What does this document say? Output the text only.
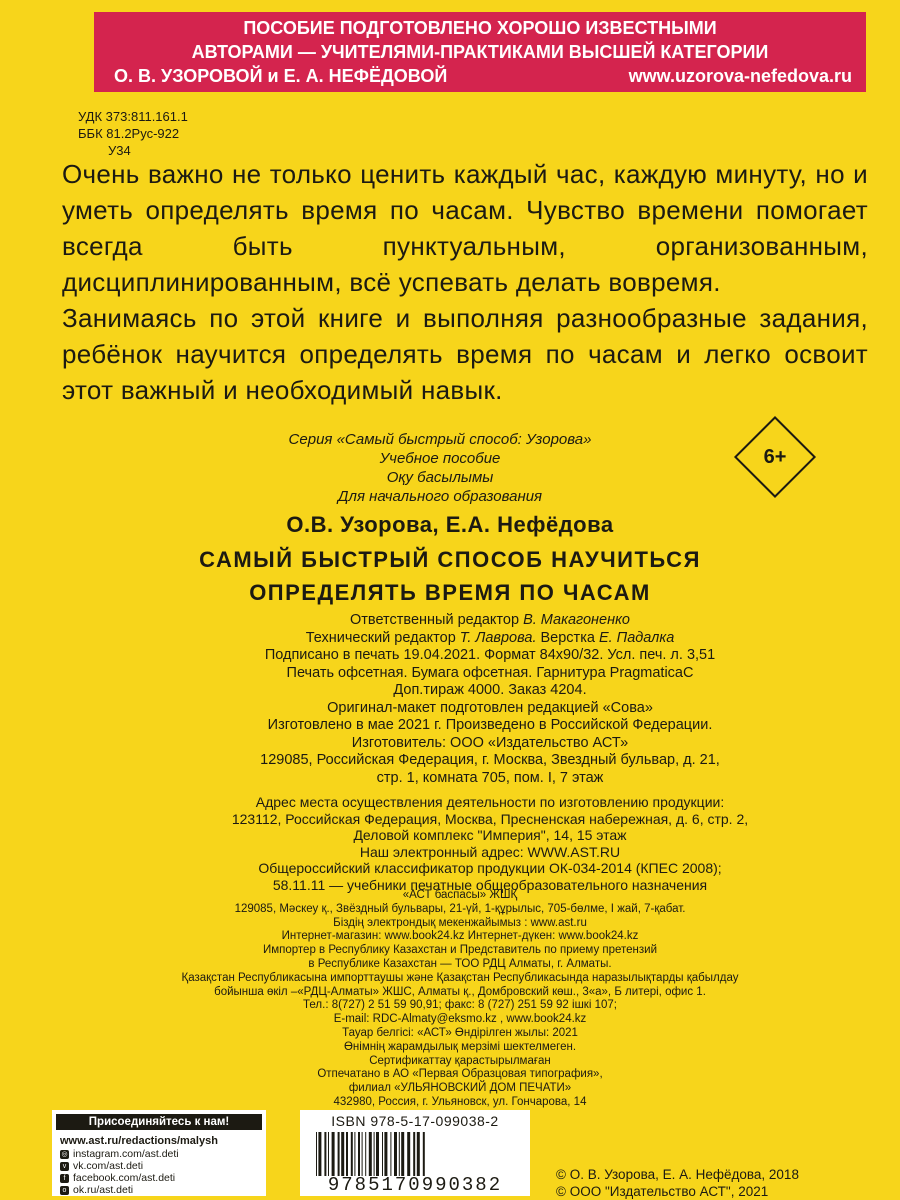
ПОСОБИЕ ПОДГОТОВЛЕНО ХОРОШО ИЗВЕСТНЫМИ
АВТОРАМИ — УЧИТЕЛЯМИ-ПРАКТИКАМИ ВЫСШЕЙ КАТЕГОРИИ
О. В. УЗОРОВОЙ и Е. А. НЕФЁДОВОЙ	www.uzorova-nefedova.ru
УДК 373:811.161.1
ББК 81.2Рус-922
У34

Очень важно не только ценить каждый час, каждую минуту, но и уметь определять время по часам. Чувство времени помогает всегда быть пунктуальным, организованным, дисциплинированным, всё успевать делать вовремя.

Занимаясь по этой книге и выполняя разнообразные задания, ребёнок научится определять время по часам и легко освоит этот важный и необходимый навык.

Серия «Самый быстрый способ: Узорова»
Учебное пособие
Оқу басылымы
Для начального образования
6+
О.В. Узорова, Е.А. Нефёдова
САМЫЙ БЫСТРЫЙ СПОСОБ НАУЧИТЬСЯ
ОПРЕДЕЛЯТЬ ВРЕМЯ ПО ЧАСАМ
Ответственный редактор В. Макагоненко
Технический редактор Т. Лаврова. Верстка Е. Падалка
Подписано в печать 19.04.2021. Формат 84х90/32. Усл. печ. л. 3,51
Печать офсетная. Бумага офсетная. Гарнитура PragmaticaC
Доп.тираж 4000. Заказ 4204.
Оригинал-макет подготовлен редакцией «Сова»
Изготовлено в мае 2021 г. Произведено в Российской Федерации.
Изготовитель: ООО «Издательство АСТ»
129085, Российская Федерация, г. Москва, Звездный бульвар, д. 21,
стр. 1, комната 705, пом. I, 7 этаж
Адрес места осуществления деятельности по изготовлению продукции:
123112, Российская Федерация, Москва, Пресненская набережная, д. 6, стр. 2,
Деловой комплекс "Империя", 14, 15 этаж
Наш электронный адрес: WWW.AST.RU
Общероссийский классификатор продукции ОК-034-2014 (КПЕС 2008);
58.11.11 — учебники печатные общеобразовательного назначения
«АСТ баспасы» ЖШҚ
129085, Мәскеу қ., Звёздный бульвары, 21-үй, 1-құрылыс, 705-бөлме, I жай, 7-қабат.
Біздің электрондық мекенжайымыз : www.ast.ru
Интернет-магазин: www.book24.kz Интернет-дүкен: www.book24.kz
Импортер в Республику Казахстан и Представитель по приему претензий
в Республике Казахстан — ТОО РДЦ Алматы, г. Алматы.
Қазақстан Республикасына импорттаушы және Қазақстан Республикасында наразылықтарды қабылдау
бойынша өкіл –«РДЦ-Алматы» ЖШС, Алматы қ., Домбровский көш., 3«а», Б литері, офис 1.
Тел.: 8(727) 2 51 59 90,91; факс: 8 (727) 251 59 92 ішкі 107;
E-mail: RDC-Almaty@eksmo.kz , www.book24.kz
Тауар белгісі: «АСТ» Өндірілген жылы: 2021
Өнімнің жарамдылық мерзімі шектелмеген.
Сертификаттау қарастырылмаған
Отпечатано в АО «Первая Образцовая типография»,
филиал «УЛЬЯНОВСКИЙ ДОМ ПЕЧАТИ»
432980, Россия, г. Ульяновск, ул. Гончарова, 14
Присоединяйтесь к нам!
www.ast.ru/redactions/malysh
◎ instagram.com/ast.deti
v vk.com/ast.deti
f facebook.com/ast.deti
o ok.ru/ast.deti
ISBN 978-5-17-099038-2
9785170990382	© О. В. Узорова, Е. А. Нефёдова, 2018
© ООО "Издательство АСТ", 2021
